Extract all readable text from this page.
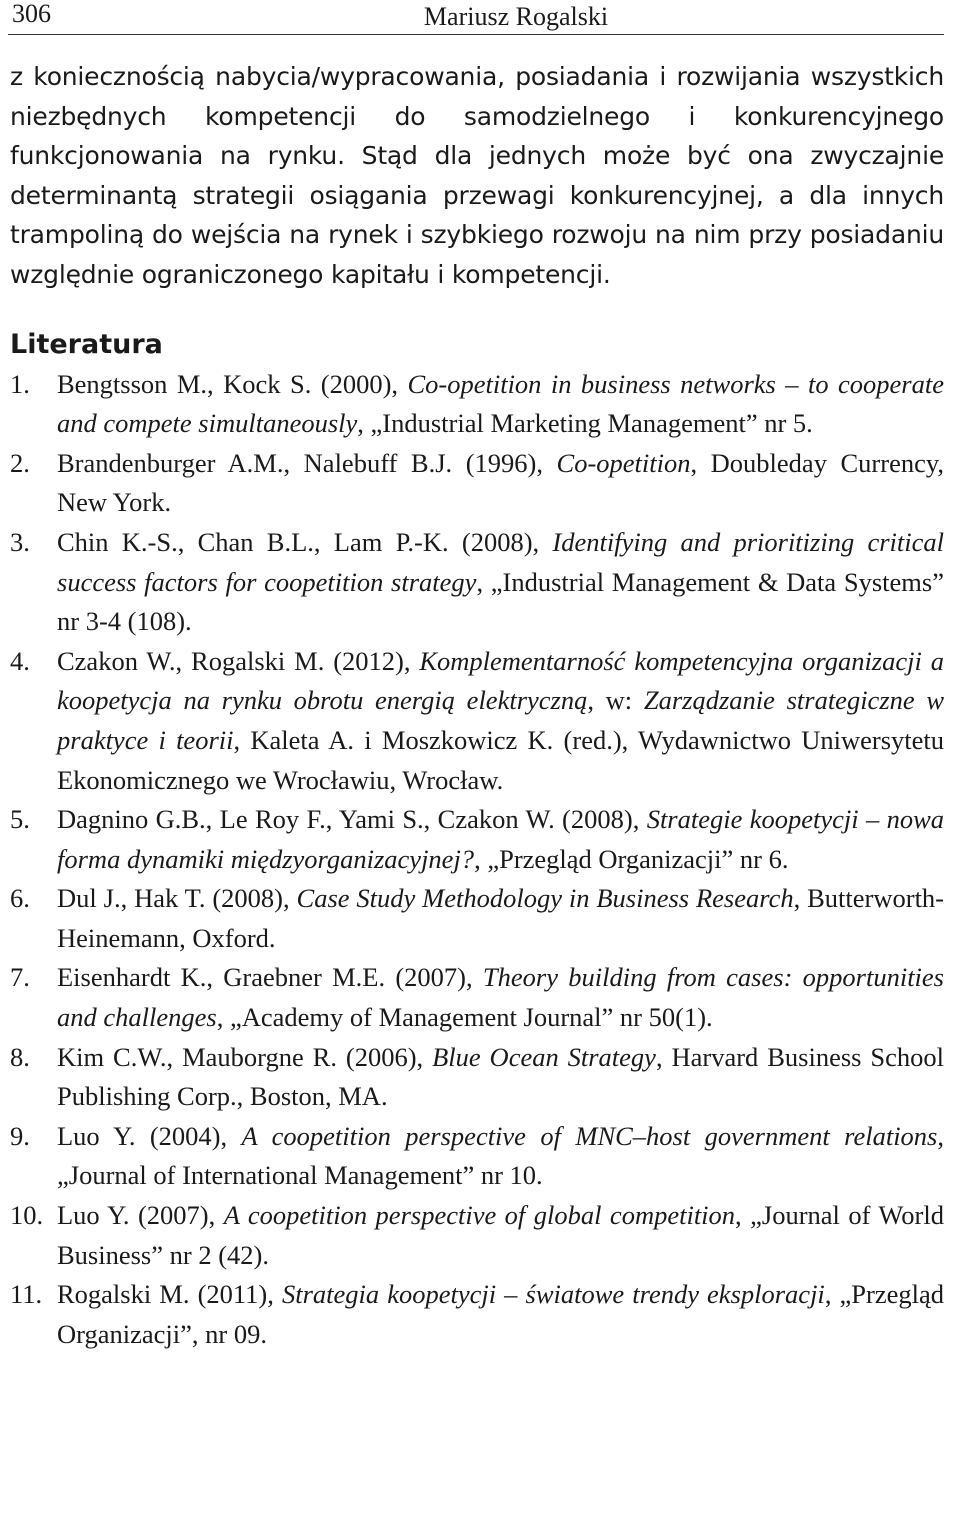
306	Mariusz Rogalski

z koniecznością nabycia/wypracowania, posiadania i rozwijania wszystkich niezbędnych kompetencji do samodzielnego i konkurencyjnego funkcjonowania na rynku. Stąd dla jednych może być ona zwyczajnie determinantą strategii osiągania przewagi konkurencyjnej, a dla innych trampoliną do wejścia na rynek i szybkiego rozwoju na nim przy posiadaniu względnie ograniczonego kapitału i kompetencji.

Literatura
1. Bengtsson M., Kock S. (2000), Co-opetition in business networks – to cooperate and compete simultaneously, „Industrial Marketing Management” nr 5.
2. Brandenburger A.M., Nalebuff B.J. (1996), Co-opetition, Doubleday Currency, New York.
3. Chin K.-S., Chan B.L., Lam P.-K. (2008), Identifying and prioritizing critical success factors for coopetition strategy, „Industrial Management & Data Systems” nr 3-4 (108).
4. Czakon W., Rogalski M. (2012), Komplementarność kompetencyjna organizacji a koopetycja na rynku obrotu energią elektryczną, w: Zarządzanie strategiczne w praktyce i teorii, Kaleta A. i Moszkowicz K. (red.), Wydawnictwo Uniwersytetu Ekonomicznego we Wrocławiu, Wrocław.
5. Dagnino G.B., Le Roy F., Yami S., Czakon W. (2008), Strategie koopetycji – nowa forma dynamiki międzyorganizacyjnej?, „Przegląd Organizacji” nr 6.
6. Dul J., Hak T. (2008), Case Study Methodology in Business Research, Butterworth-Heinemann, Oxford.
7. Eisenhardt K., Graebner M.E. (2007), Theory building from cases: opportunities and challenges, „Academy of Management Journal” nr 50(1).
8. Kim C.W., Mauborgne R. (2006), Blue Ocean Strategy, Harvard Business School Publishing Corp., Boston, MA.
9. Luo Y. (2004), A coopetition perspective of MNC–host government relations, „Journal of International Management” nr 10.
10. Luo Y. (2007), A coopetition perspective of global competition, „Journal of World Business” nr 2 (42).
11. Rogalski M. (2011), Strategia koopetycji – światowe trendy eksploracji, „Przegląd Organizacji”, nr 09.
